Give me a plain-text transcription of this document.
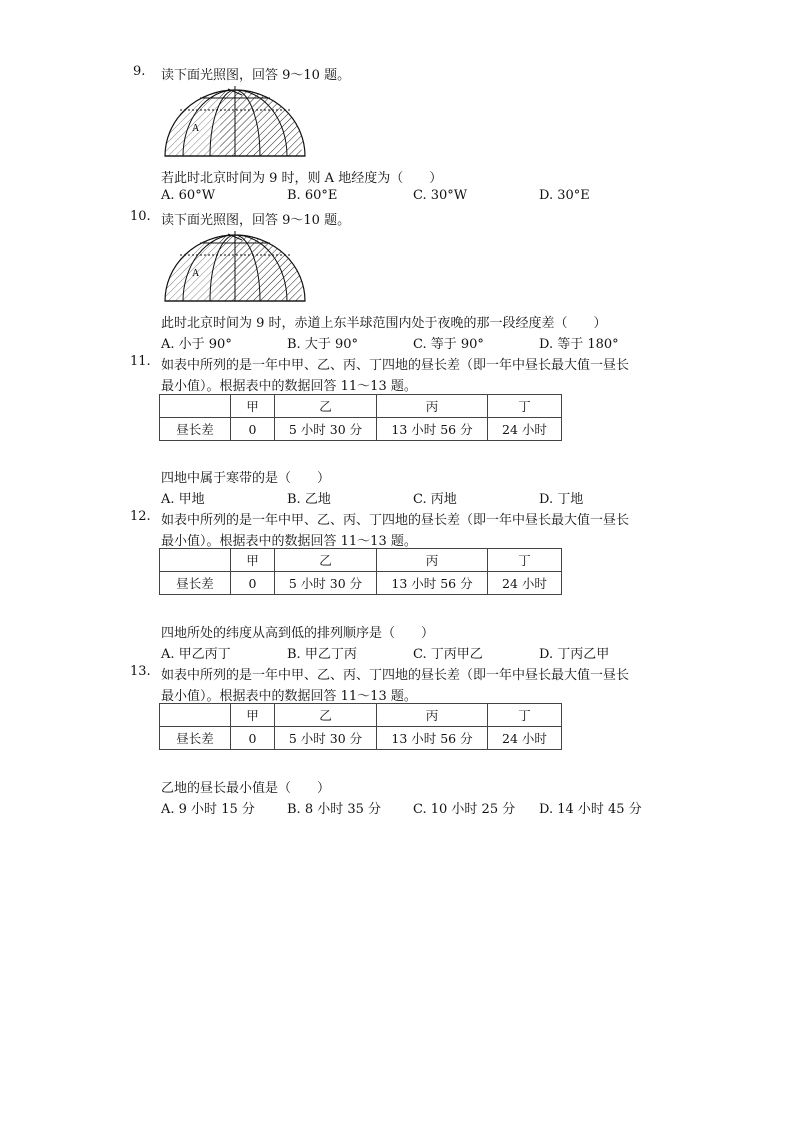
9. 读下面光照图，回答 9～10 题。
A
若此时北京时间为 9 时，则 A 地经度为（　　）
A. 60°W	B. 60°E	C. 30°W	D. 30°E
10. 读下面光照图，回答 9～10 题。
A
此时北京时间为 9 时，赤道上东半球范围内处于夜晚的那一段经度差（　　）
A. 小于 90°	B. 大于 90°	C. 等于 90°	D. 等于 180°
11. 如表中所列的是一年中甲、乙、丙、丁四地的昼长差（即一年中昼长最大值一昼长
最小值）。根据表中的数据回答 11～13 题。
	甲	乙	丙	丁
昼长差	0	5 小时 30 分	13 小时 56 分	24 小时
四地中属于寒带的是（　　）
A. 甲地	B. 乙地	C. 丙地	D. 丁地
12. 如表中所列的是一年中甲、乙、丙、丁四地的昼长差（即一年中昼长最大值一昼长
最小值）。根据表中的数据回答 11～13 题。
	甲	乙	丙	丁
昼长差	0	5 小时 30 分	13 小时 56 分	24 小时
四地所处的纬度从高到低的排列顺序是（　　）
A. 甲乙丙丁	B. 甲乙丁丙	C. 丁丙甲乙	D. 丁丙乙甲
13. 如表中所列的是一年中甲、乙、丙、丁四地的昼长差（即一年中昼长最大值一昼长
最小值）。根据表中的数据回答 11～13 题。
	甲	乙	丙	丁
昼长差	0	5 小时 30 分	13 小时 56 分	24 小时
乙地的昼长最小值是（　　）
A. 9 小时 15 分 B. 8 小时 35 分 C. 10 小时 25 分 D. 14 小时 45 分
